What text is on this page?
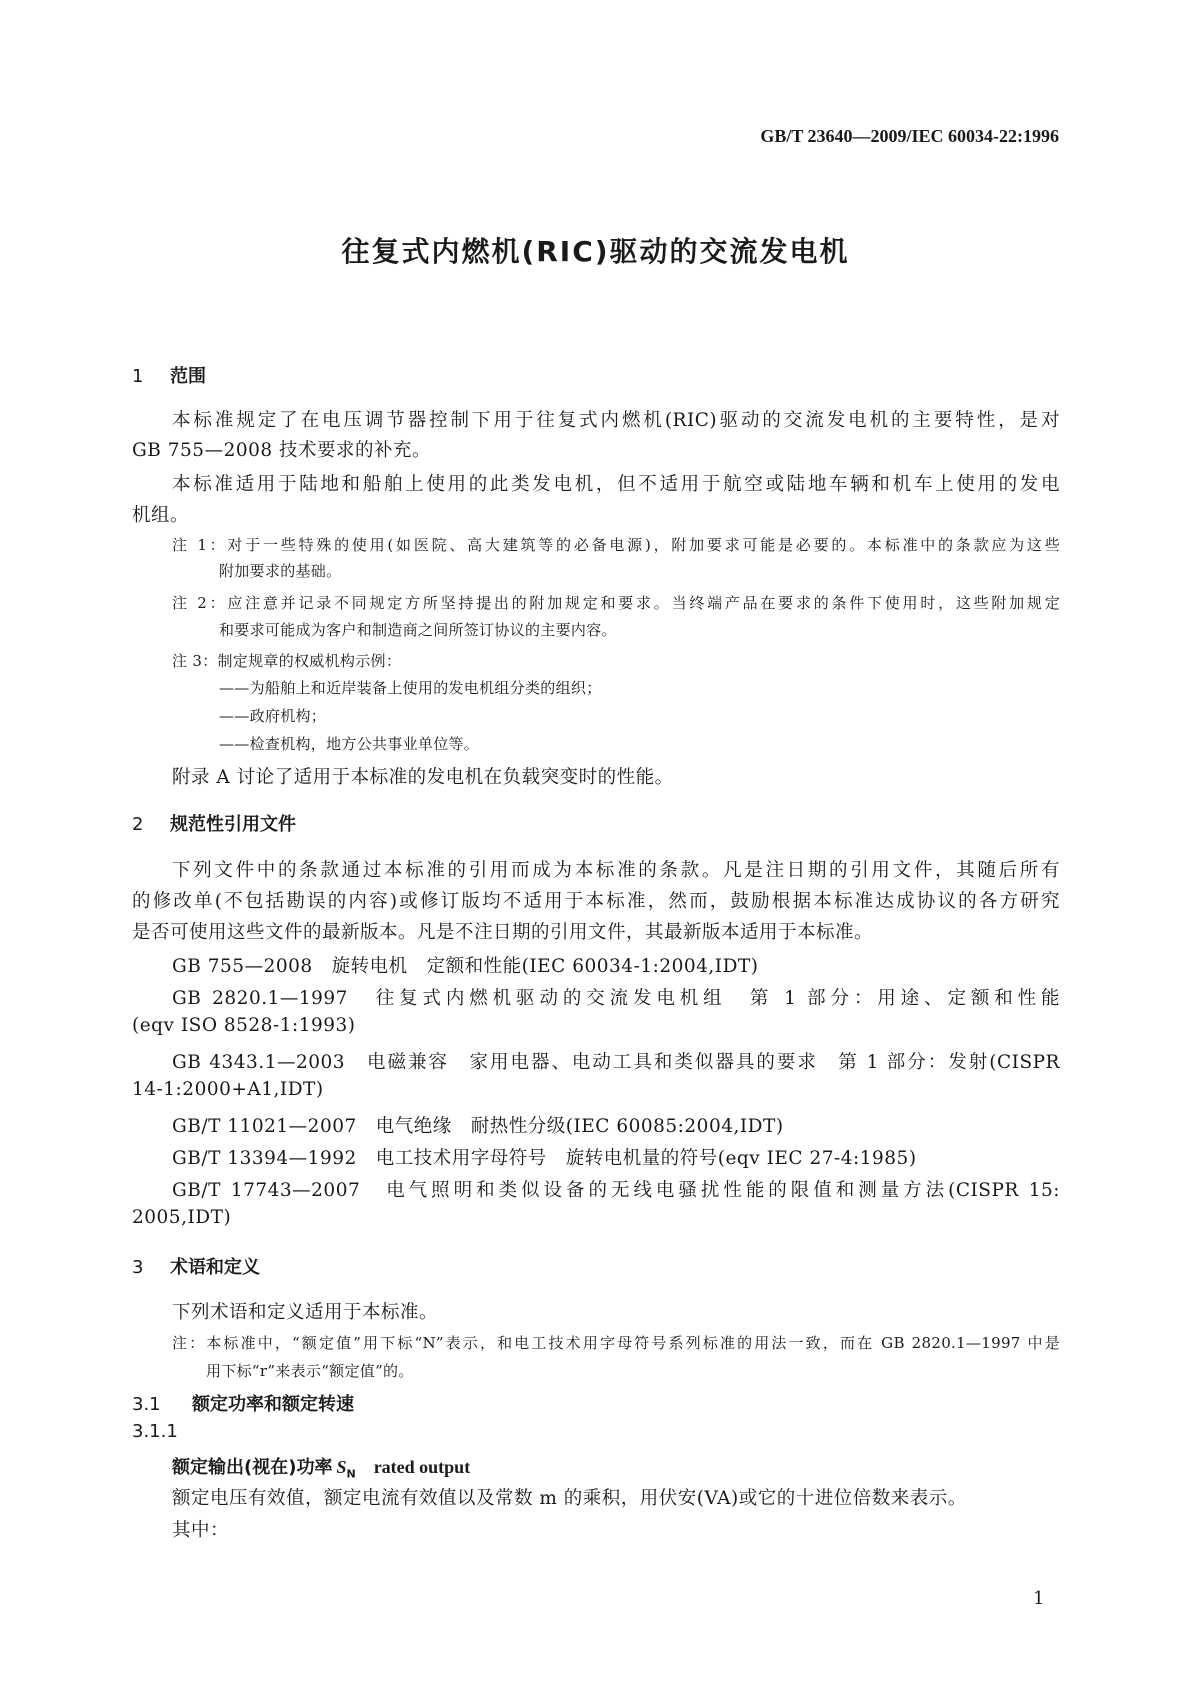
GB/T 23640—2009/IEC 60034-22:1996
往复式内燃机(RIC)驱动的交流发电机
1 范围
本标准规定了在电压调节器控制下用于往复式内燃机(RIC)驱动的交流发电机的主要特性，是对
GB 755—2008 技术要求的补充。
本标准适用于陆地和船舶上使用的此类发电机，但不适用于航空或陆地车辆和机车上使用的发电
机组。
注 1：对于一些特殊的使用(如医院、高大建筑等的必备电源)，附加要求可能是必要的。本标准中的条款应为这些
附加要求的基础。
注 2：应注意并记录不同规定方所坚持提出的附加规定和要求。当终端产品在要求的条件下使用时，这些附加规定
和要求可能成为客户和制造商之间所签订协议的主要内容。
注 3：制定规章的权威机构示例：
——为船舶上和近岸装备上使用的发电机组分类的组织；
——政府机构；
——检查机构，地方公共事业单位等。
附录 A 讨论了适用于本标准的发电机在负载突变时的性能。
2 规范性引用文件
下列文件中的条款通过本标准的引用而成为本标准的条款。凡是注日期的引用文件，其随后所有
的修改单(不包括勘误的内容)或修订版均不适用于本标准，然而，鼓励根据本标准达成协议的各方研究
是否可使用这些文件的最新版本。凡是不注日期的引用文件，其最新版本适用于本标准。
GB 755—2008　旋转电机　定额和性能(IEC 60034-1:2004,IDT)
GB 2820.1—1997　往复式内燃机驱动的交流发电机组　第 1 部分：用途、定额和性能
(eqv ISO 8528-1:1993)
GB 4343.1—2003　电磁兼容　家用电器、电动工具和类似器具的要求　第 1 部分：发射(CISPR
14-1:2000+A1,IDT)
GB/T 11021—2007　电气绝缘　耐热性分级(IEC 60085:2004,IDT)
GB/T 13394—1992　电工技术用字母符号　旋转电机量的符号(eqv IEC 27-4:1985)
GB/T 17743—2007　电气照明和类似设备的无线电骚扰性能的限值和测量方法(CISPR 15:
2005,IDT)
3 术语和定义
下列术语和定义适用于本标准。
注：本标准中，“额定值”用下标“N”表示，和电工技术用字母符号系列标准的用法一致，而在 GB 2820.1—1997 中是
用下标“r”来表示“额定值”的。
3.1 额定功率和额定转速
3.1.1
额定输出(视在)功率 $S_N$ rated output
额定电压有效值，额定电流有效值以及常数 m 的乘积，用伏安(VA)或它的十进位倍数来表示。
其中：
1
